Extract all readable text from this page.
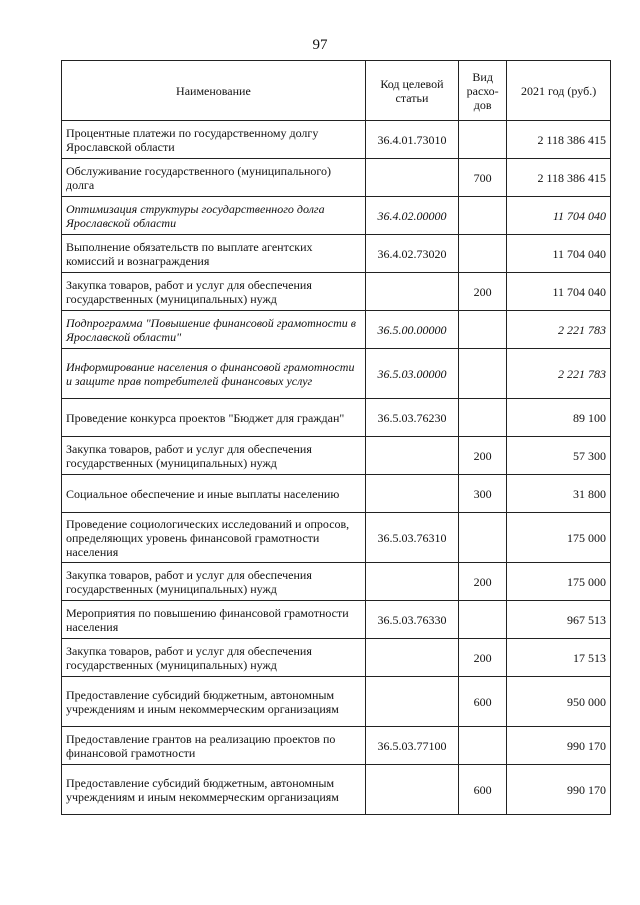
97
Наименование	Код целевой статьи	Вид расхо-дов	2021 год (руб.)
Процентные платежи по государственному долгу Ярославской области	36.4.01.73010		2 118 386 415
Обслуживание государственного (муниципального) долга		700	2 118 386 415
Оптимизация структуры государственного долга Ярославской области	36.4.02.00000		11 704 040
Выполнение обязательств по выплате агентских комиссий и вознаграждения	36.4.02.73020		11 704 040
Закупка товаров, работ и услуг для обеспечения государственных (муниципальных) нужд		200	11 704 040
Подпрограмма "Повышение финансовой грамотности в Ярославской области"	36.5.00.00000		2 221 783
Информирование населения о финансовой грамотности и защите прав потребителей финансовых услуг	36.5.03.00000		2 221 783
Проведение конкурса проектов "Бюджет для граждан"	36.5.03.76230		89 100
Закупка товаров, работ и услуг для обеспечения государственных (муниципальных) нужд		200	57 300
Социальное обеспечение и иные выплаты населению		300	31 800
Проведение социологических исследований и опросов, определяющих уровень финансовой грамотности населения	36.5.03.76310		175 000
Закупка товаров, работ и услуг для обеспечения государственных (муниципальных) нужд		200	175 000
Мероприятия по повышению финансовой грамотности населения	36.5.03.76330		967 513
Закупка товаров, работ и услуг для обеспечения государственных (муниципальных) нужд		200	17 513
Предоставление субсидий бюджетным, автономным учреждениям и иным некоммерческим организациям		600	950 000
Предоставление грантов на реализацию проектов по финансовой грамотности	36.5.03.77100		990 170
Предоставление субсидий бюджетным, автономным учреждениям и иным некоммерческим организациям		600	990 170
